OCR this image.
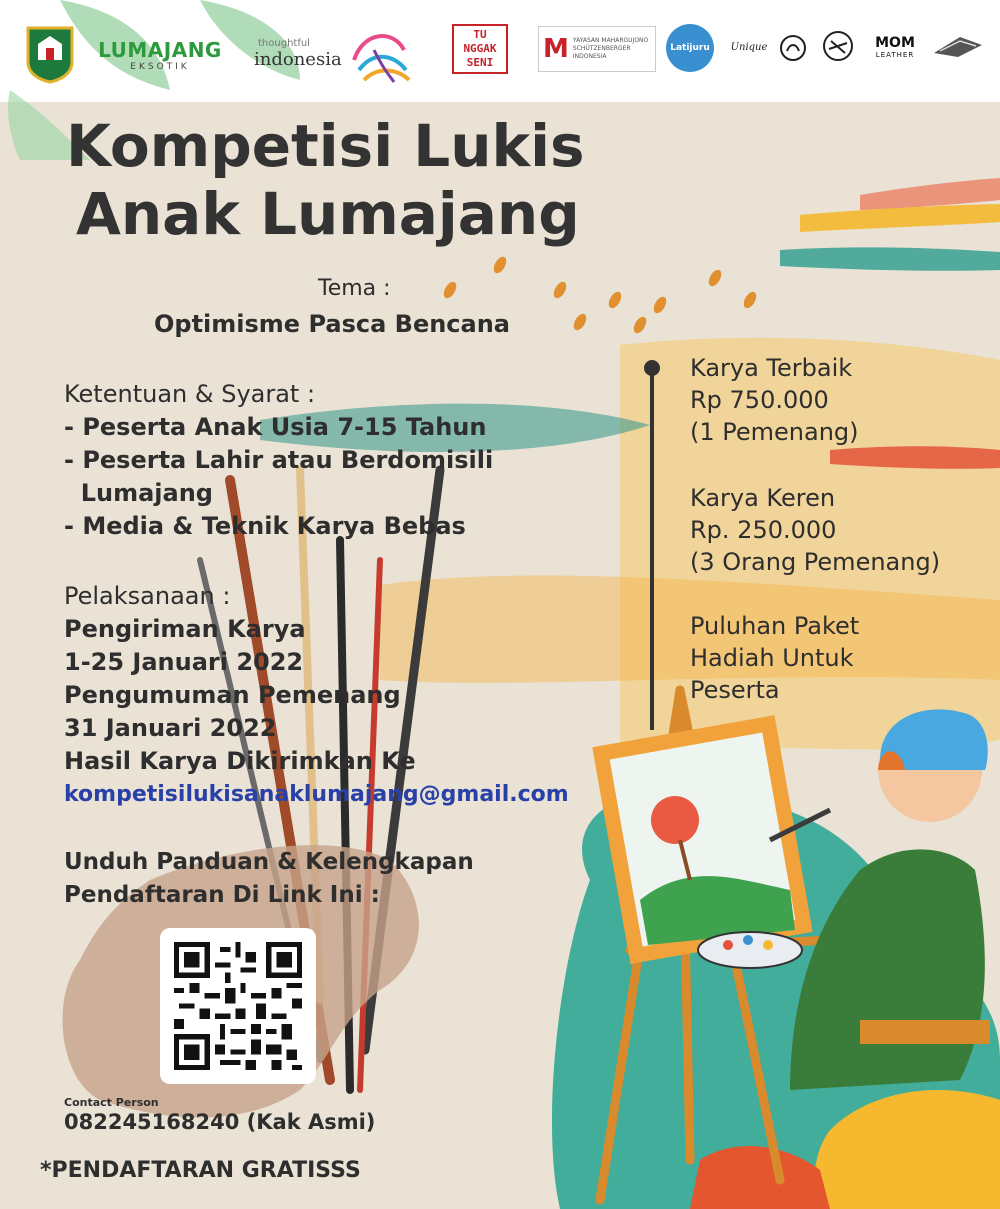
LUMAJANG
EKSOTIK
thoughtful
indonesia
TU
NGGAK
SENI M YAYASAN MAHARGUJONO SCHÜTZENBERGER INDONESIA
Latijuru Unique	MOM
LEATHER
Kompetisi Lukis
Anak Lumajang
Tema :
Optimisme Pasca Bencana
Ketentuan & Syarat :
- Peserta Anak Usia 7-15 Tahun
- Peserta Lahir atau Berdomisili
Lumajang
- Media & Teknik Karya Bebas
Pelaksanaan :
Pengiriman Karya
1-25 Januari 2022
Pengumuman Pemenang
31 Januari 2022
Hasil Karya Dikirimkan Ke
kompetisilukisanaklumajang@gmail.com
Unduh Panduan & Kelengkapan
Pendaftaran Di Link Ini :
Contact Person
082245168240 (Kak Asmi)
*PENDAFTARAN GRATISSS
Karya Terbaik
Rp 750.000
(1 Pemenang)
Karya Keren
Rp. 250.000
(3 Orang Pemenang)
Puluhan Paket
Hadiah Untuk
Peserta
